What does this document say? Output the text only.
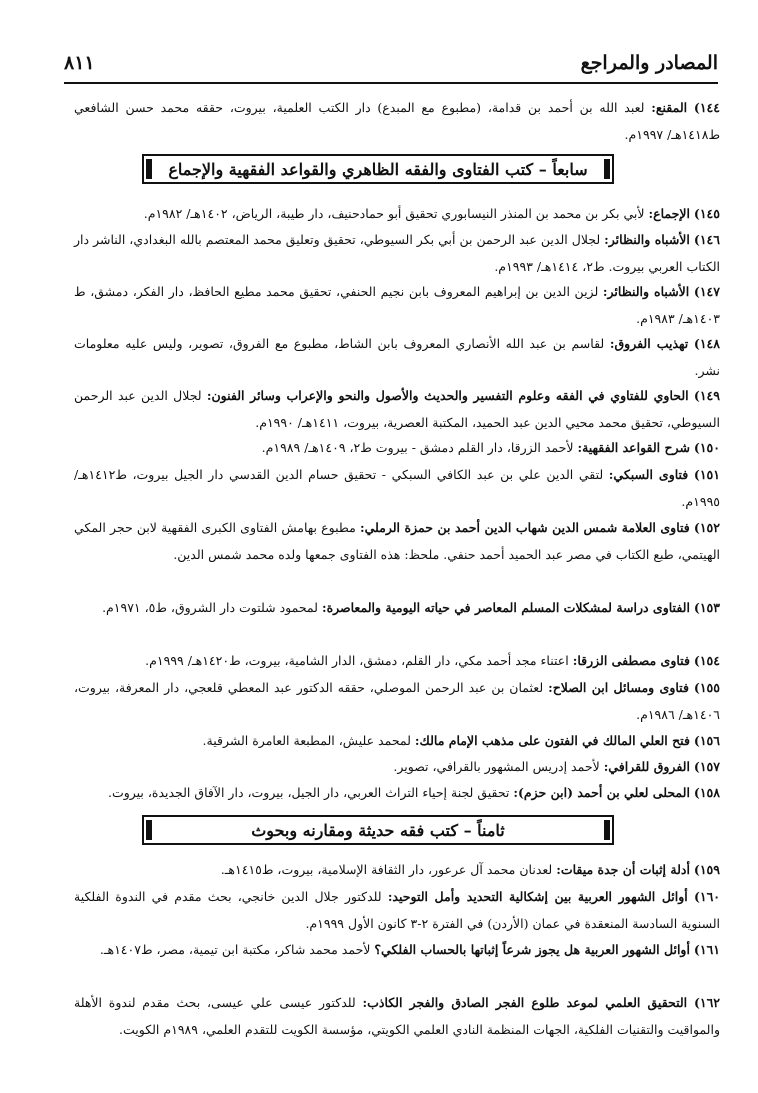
٨١١	المصادر والمراجع
١٤٤) المقنع: لعبد الله بن أحمد بن قدامة، (مطبوع مع المبدع) دار الكتب العلمية، بيروت، حققه محمد حسن الشافعي ط١٤١٨هـ/ ١٩٩٧م.
سابعاً – كتب الفتاوى والفقه الظاهري والقواعد الفقهية والإجماع
١٤٥) الإجماع: لأبي بكر بن محمد بن المنذر النيسابوري تحقيق أبو حمادحنيف، دار طيبة، الرياض، ١٤٠٢هـ/ ١٩٨٢م.
١٤٦) الأشباه والنظائر: لجلال الدين عبد الرحمن بن أبي بكر السيوطي، تحقيق وتعليق محمد المعتصم بالله البغدادي، الناشر دار الكتاب العربي بيروت. ط٢، ١٤١٤هـ/ ١٩٩٣م.
١٤٧) الأشباه والنظائر: لزين الدين بن إبراهيم المعروف بابن نجيم الحنفي، تحقيق محمد مطيع الحافظ، دار الفكر، دمشق، ط ١٤٠٣هـ/ ١٩٨٣م.
١٤٨) تهذيب الفروق: لقاسم بن عبد الله الأنصاري المعروف بابن الشاط، مطبوع مع الفروق، تصوير، وليس عليه معلومات نشر.
١٤٩) الحاوي للفتاوي في الفقه وعلوم التفسير والحديث والأصول والنحو والإعراب وسائر الفنون: لجلال الدين عبد الرحمن السيوطي، تحقيق محمد محيي الدين عبد الحميد، المكتبة العصرية، بيروت، ١٤١١هـ/ ١٩٩٠م.
١٥٠) شرح القواعد الفقهية: لأحمد الزرقا، دار القلم دمشق - بيروت ط٢، ١٤٠٩هـ/ ١٩٨٩م.
١٥١) فتاوى السبكي: لتقي الدين علي بن عبد الكافي السبكي - تحقيق حسام الدين القدسي دار الجيل بيروت، ط١٤١٢هـ/ ١٩٩٥م.
١٥٢) فتاوى العلامة شمس الدين شهاب الدين أحمد بن حمزة الرملي: مطبوع بهامش الفتاوى الكبرى الفقهية لابن حجر المكي الهيتمي، طبع الكتاب في مصر عبد الحميد أحمد حنفي. ملحظ: هذه الفتاوى جمعها ولده محمد شمس الدين.
١٥٣) الفتاوى دراسة لمشكلات المسلم المعاصر في حياته اليومية والمعاصرة: لمحمود شلتوت دار الشروق، ط٥، ١٩٧١م.
١٥٤) فتاوى مصطفى الزرقا: اعتناء مجد أحمد مكي، دار القلم، دمشق، الدار الشامية، بيروت، ط١٤٢٠هـ/ ١٩٩٩م.
١٥٥) فتاوى ومسائل ابن الصلاح: لعثمان بن عبد الرحمن الموصلي، حققه الدكتور عبد المعطي قلعجي، دار المعرفة، بيروت، ١٤٠٦هـ/ ١٩٨٦م.
١٥٦) فتح العلي المالك في الفتون على مذهب الإمام مالك: لمحمد عليش، المطبعة العامرة الشرقية.
١٥٧) الفروق للقرافي: لأحمد إدريس المشهور بالقرافي، تصوير.
١٥٨) المحلى لعلي بن أحمد (ابن حزم): تحقيق لجنة إحياء التراث العربي، دار الجيل، بيروت، دار الآفاق الجديدة، بيروت.
ثامناً – كتب فقه حديثة ومقارنه وبحوث
١٥٩) أدلة إثبات أن جدة ميقات: لعدنان محمد آل عرعور، دار الثقافة الإسلامية، بيروت، ط١٤١٥هـ.
١٦٠) أوائل الشهور العربية بين إشكالية التحديد وأمل التوحيد: للدكتور جلال الدين خانجي، بحث مقدم في الندوة الفلكية السنوية السادسة المنعقدة في عمان (الأردن) في الفترة ٢-٣ كانون الأول ١٩٩٩م.
١٦١) أوائل الشهور العربية هل يجوز شرعاً إثباتها بالحساب الفلكي؟ لأحمد محمد شاكر، مكتبة ابن تيمية، مصر، ط١٤٠٧هـ.
١٦٢) التحقيق العلمي لموعد طلوع الفجر الصادق والفجر الكاذب: للدكتور عيسى علي عيسى، بحث مقدم لندوة الأهلة والمواقيت والتقنيات الفلكية، الجهات المنظمة النادي العلمي الكويتي، مؤسسة الكويت للتقدم العلمي، ١٩٨٩م الكويت.
